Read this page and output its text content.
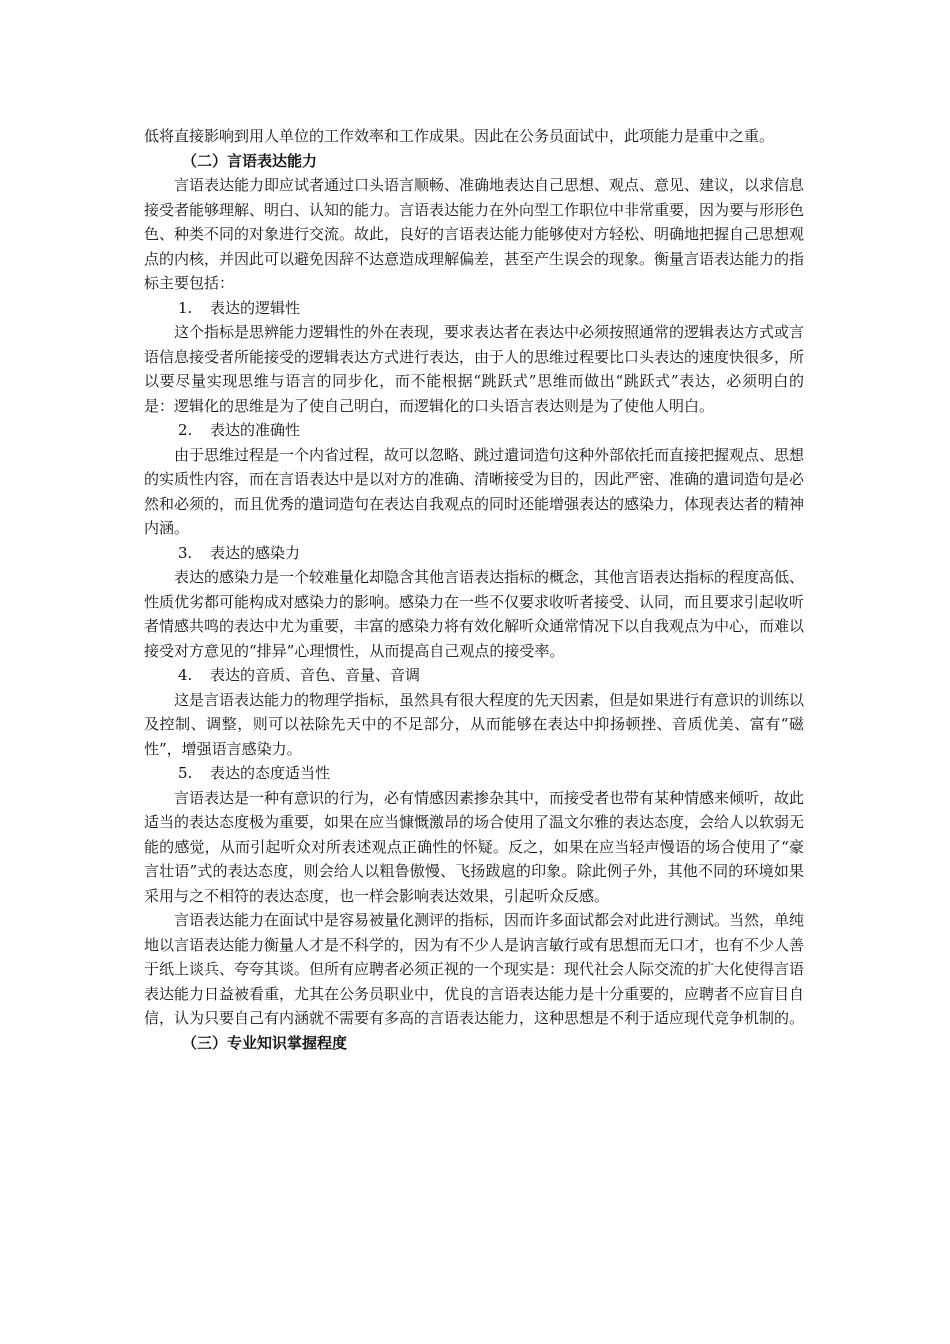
低将直接影响到用人单位的工作效率和工作成果。因此在公务员面试中，此项能力是重中之重。

（二）言语表达能力

言语表达能力即应试者通过口头语言顺畅、准确地表达自己思想、观点、意见、建议，以求信息接受者能够理解、明白、认知的能力。言语表达能力在外向型工作职位中非常重要，因为要与形形色色、种类不同的对象进行交流。故此，良好的言语表达能力能够使对方轻松、明确地把握自己思想观点的内核，并因此可以避免因辞不达意造成理解偏差，甚至产生误会的现象。衡量言语表达能力的指标主要包括：

1. 表达的逻辑性

这个指标是思辨能力逻辑性的外在表现，要求表达者在表达中必须按照通常的逻辑表达方式或言语信息接受者所能接受的逻辑表达方式进行表达，由于人的思维过程要比口头表达的速度快很多，所以要尽量实现思维与语言的同步化，而不能根据“跳跃式”思维而做出“跳跃式”表达，必须明白的是：逻辑化的思维是为了使自己明白，而逻辑化的口头语言表达则是为了使他人明白。

2. 表达的准确性

由于思维过程是一个内省过程，故可以忽略、跳过遣词造句这种外部依托而直接把握观点、思想的实质性内容，而在言语表达中是以对方的准确、清晰接受为目的，因此严密、准确的遣词造句是必然和必须的，而且优秀的遣词造句在表达自我观点的同时还能增强表达的感染力，体现表达者的精神内涵。

3. 表达的感染力

表达的感染力是一个较难量化却隐含其他言语表达指标的概念，其他言语表达指标的程度高低、性质优劣都可能构成对感染力的影响。感染力在一些不仅要求收听者接受、认同，而且要求引起收听者情感共鸣的表达中尤为重要，丰富的感染力将有效化解听众通常情况下以自我观点为中心，而难以接受对方意见的“排异”心理惯性，从而提高自己观点的接受率。

4. 表达的音质、音色、音量、音调

这是言语表达能力的物理学指标，虽然具有很大程度的先天因素，但是如果进行有意识的训练以及控制、调整，则可以祛除先天中的不足部分，从而能够在表达中抑扬顿挫、音质优美、富有“磁性”，增强语言感染力。

5. 表达的态度适当性

言语表达是一种有意识的行为，必有情感因素掺杂其中，而接受者也带有某种情感来倾听，故此适当的表达态度极为重要，如果在应当慷慨激昂的场合使用了温文尔雅的表达态度，会给人以软弱无能的感觉，从而引起听众对所表述观点正确性的怀疑。反之，如果在应当轻声慢语的场合使用了“豪言壮语”式的表达态度，则会给人以粗鲁傲慢、飞扬跋扈的印象。除此例子外，其他不同的环境如果采用与之不相符的表达态度，也一样会影响表达效果，引起听众反感。

言语表达能力在面试中是容易被量化测评的指标，因而许多面试都会对此进行测试。当然，单纯地以言语表达能力衡量人才是不科学的，因为有不少人是讷言敏行或有思想而无口才，也有不少人善于纸上谈兵、夸夸其谈。但所有应聘者必须正视的一个现实是：现代社会人际交流的扩大化使得言语表达能力日益被看重，尤其在公务员职业中，优良的言语表达能力是十分重要的，应聘者不应盲目自信，认为只要自己有内涵就不需要有多高的言语表达能力，这种思想是不利于适应现代竞争机制的。

（三）专业知识掌握程度
